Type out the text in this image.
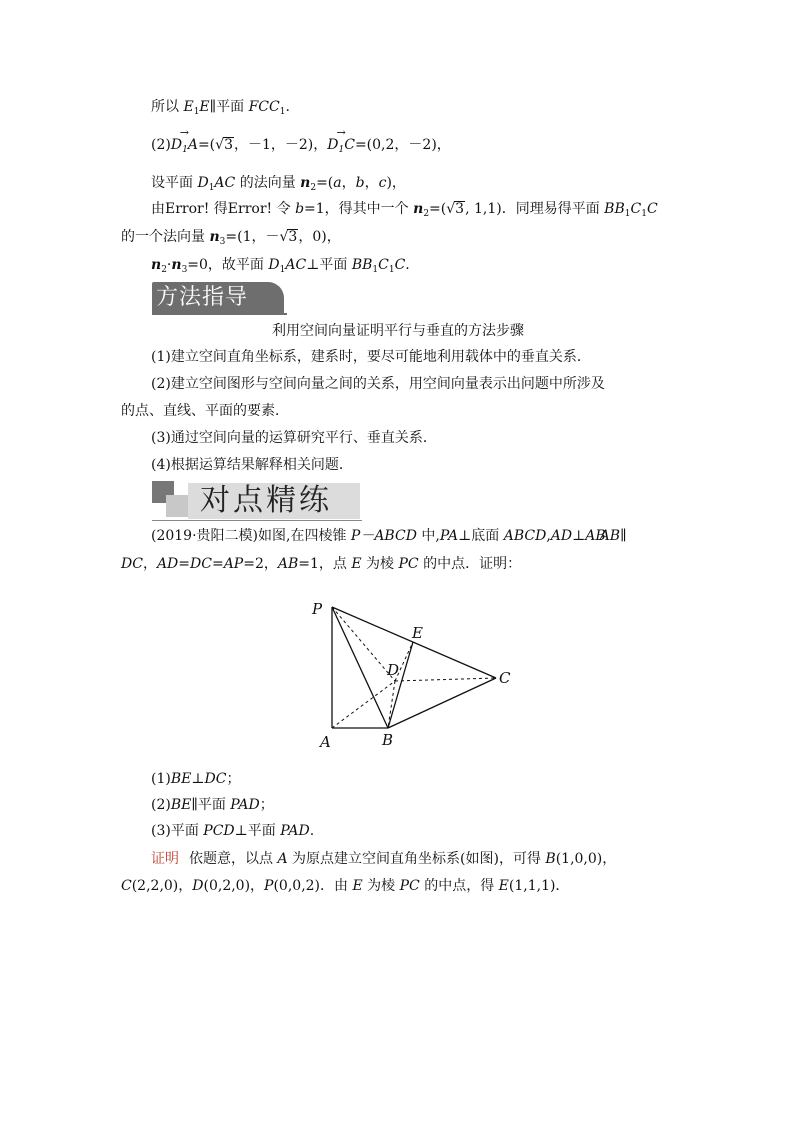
所以 $E_1E\parallel$平面 $FCC_1$.
$(2)\to D_1A=(√3$，－1，－2)，→ $D_1C=(0,2$，－2)，
设平面 $D_1AC$ 的法向量 $n_2=(a$，b，c)，
由Error! 得Error! 令 b=1，得其中一个 $n_2=(√3$, 1,1)．同理易得平面 $BB_1C_1C$
的一个法向量 $n_3=(1$，－√3，0)，
$n_2\cdot n_3=0$，故平面 $D_1AC\perp$平面 $BB_1C_1C$.
方法指导
利用空间向量证明平行与垂直的方法步骤
(1)建立空间直角坐标系，建系时，要尽可能地利用载体中的垂直关系．
(2)建立空间图形与空间向量之间的关系，用空间向量表示出问题中所涉及
的点、直线、平面的要素．
(3)通过空间向量的运算研究平行、垂直关系．
(4)根据运算结果解释相关问题．
对点精练
(2019·贵阳二模)如图,在四棱锥 P－ABCD 中,PA⊥底面 ABCD,AD⊥ABAB∥
DC，AD=DC=AP=2，AB=1，点 E 为棱 PC 的中点．证明：
P
E
D	C
A	B
(1)BE⊥DC；
(2)BE∥平面 PAD；
(3)平面 PCD⊥平面 PAD.
证明 依题意，以点 A 为原点建立空间直角坐标系(如图)，可得 B(1,0,0)，
C(2,2,0)，D(0,2,0)，P(0,0,2)．由 E 为棱 PC 的中点，得 E(1,1,1)．
